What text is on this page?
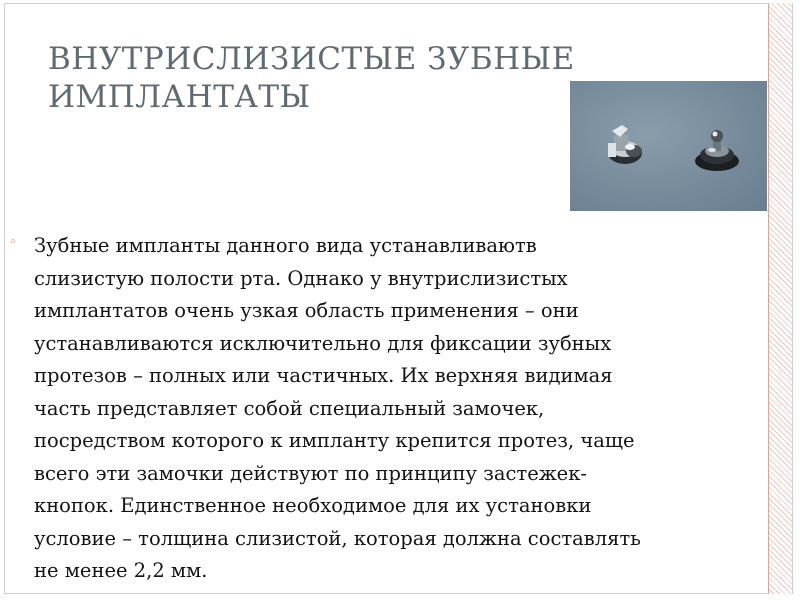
ВНУТРИСЛИЗИСТЫЕ ЗУБНЫЕ ИМПЛАНТАТЫ
◦ Зубные импланты данного вида устанавливаютв
слизистую полости рта. Однако у внутрислизистых
имплантатов очень узкая область применения – они
устанавливаются исключительно для фиксации зубных
протезов – полных или частичных. Их верхняя видимая
часть представляет собой специальный замочек,
посредством которого к импланту крепится протез, чаще
всего эти замочки действуют по принципу застежек-
кнопок. Единственное необходимое для их установки
условие – толщина слизистой, которая должна составлять
не менее 2,2 мм.
